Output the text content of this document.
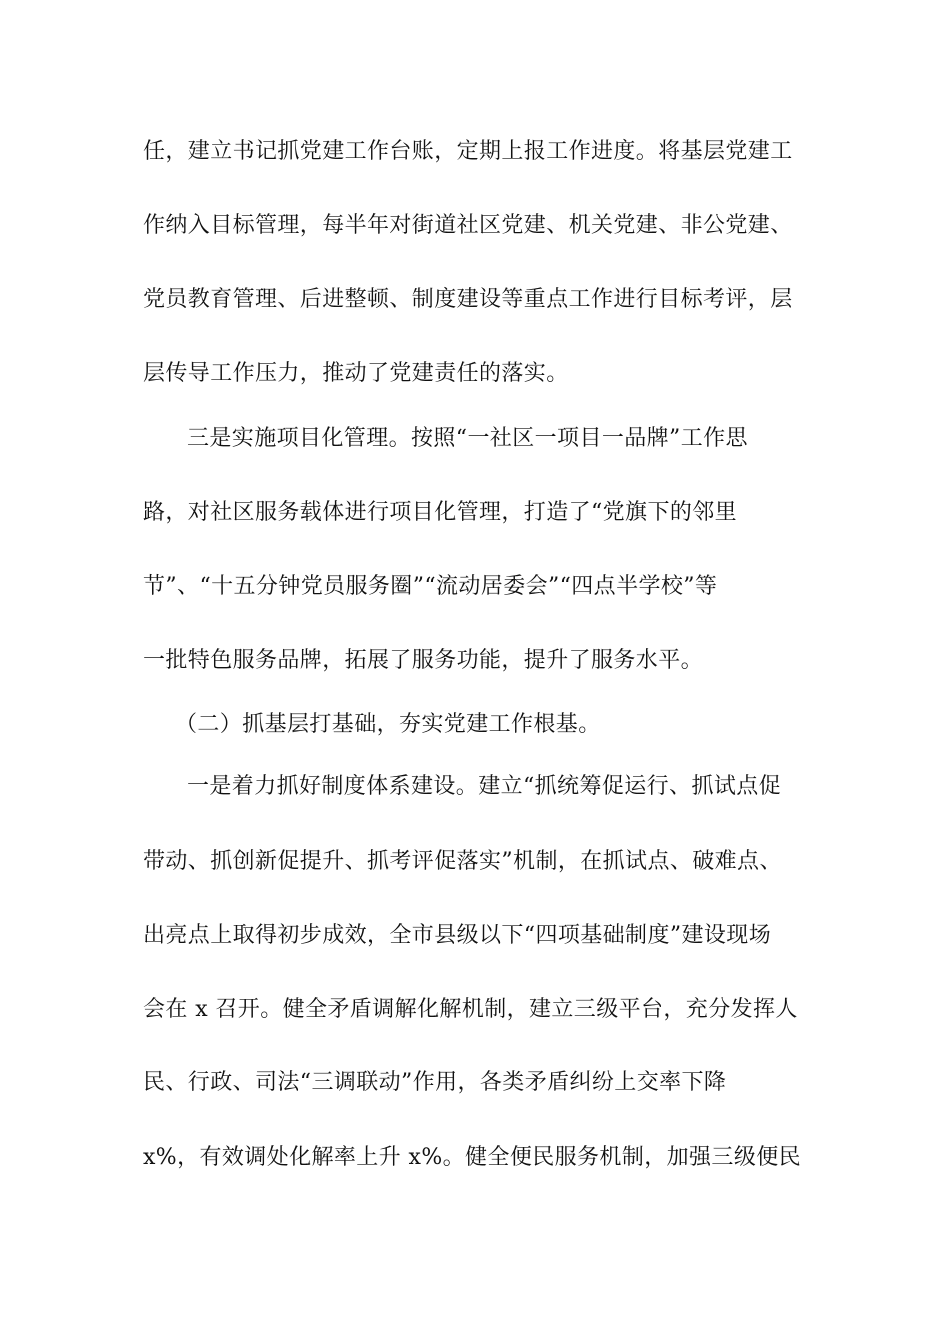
任，建立书记抓党建工作台账，定期上报工作进度。将基层党建工
作纳入目标管理，每半年对街道社区党建、机关党建、非公党建、
党员教育管理、后进整顿、制度建设等重点工作进行目标考评，层
层传导工作压力，推动了党建责任的落实。
三是实施项目化管理。按照“一社区一项目一品牌”工作思
路，对社区服务载体进行项目化管理，打造了“党旗下的邻里
节”、“十五分钟党员服务圈”“流动居委会”“四点半学校”等
一批特色服务品牌，拓展了服务功能，提升了服务水平。
（二）抓基层打基础，夯实党建工作根基。
一是着力抓好制度体系建设。建立“抓统筹促运行、抓试点促
带动、抓创新促提升、抓考评促落实”机制，在抓试点、破难点、
出亮点上取得初步成效，全市县级以下“四项基础制度”建设现场
会在 x 召开。健全矛盾调解化解机制，建立三级平台，充分发挥人
民、行政、司法“三调联动”作用，各类矛盾纠纷上交率下降
x%，有效调处化解率上升 x%。健全便民服务机制，加强三级便民
